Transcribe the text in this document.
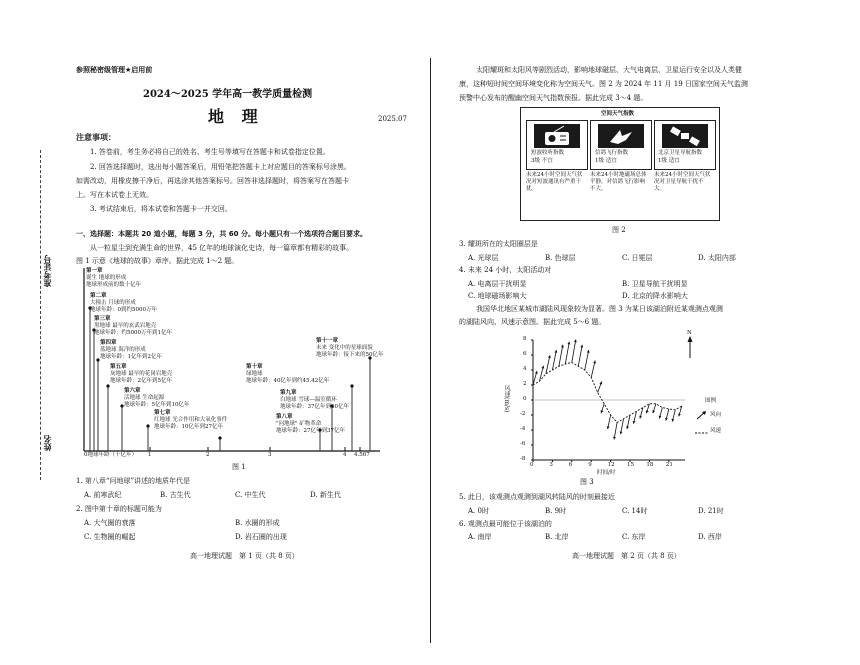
准考证号
姓名
参照秘密级管理★启用前
2024～2025 学年高一教学质量检测
地 理	2025.07
注意事项：
1. 答卷前，考生务必将自己的姓名、考生号等填写在答题卡和试卷指定位置。
2. 回答选择题时，选出每小题答案后，用铅笔把答题卡上对应题目的答案标号涂黑。
如需改动，用橡皮擦干净后，再选涂其他答案标号。回答非选择题时，将答案写在答题卡
上。写在本试卷上无效。
3. 考试结束后，将本试卷和答题卡一并交回。
一、选择题：本题共 20 道小题，每题 3 分，共 60 分。每小题只有一个选项符合题目要求。
从一粒星尘到充满生命的世界，45 亿年的地球演化史诗，每一篇章都有精彩的故事。
图 1 示意《地球的故事》章序。据此完成 1～2 题。
0地球年龄（十亿年） 1	2	3	4 4.567
第一章
诞生 地球的形成
地球形成前的数十亿年
第二章
大撞击 月球的形成
地球年龄：0到约5000万年
第三章
黑地球 最早的玄武岩地壳
地球年龄：约5000万年到1亿年
第四章
蓝地球 海洋的形成
地球年龄：1亿年到2亿年
第五章
灰地球 最早的花岗岩地壳
地球年龄：2亿年到5亿年
第六章
活地球 生命起源
地球年龄：5亿年到10亿年
第七章
红地球 光合作用和大氧化事件
地球年龄：10亿年到27亿年
第八章
"问地球" 矿物革命
地球年龄：27亿年到37亿年
第九章
白地球 雪球—温室循环
地球年龄：37亿年到40亿年
第十章
绿地球
地球年龄：40亿年到约45.42亿年
第十一章
未来 变化中的星球面貌
地球年龄：接下来的50亿年
图 1
1. 第八章“问地球”讲述的地质年代是
A. 前寒武纪	B. 古生代	C. 中生代	D. 新生代
2. 图中第十章的标题可能为
A. 大气圈的衰落	B. 水圈的形成
C. 生物圈的崛起	D. 岩石圈的出现
高一地理试题　第 1 页（共 8 页）
太阳耀斑和太阳风等剧烈活动，影响地球磁层、大气电离层、卫星运行安全以及人类健
康，这种短时间空间环境变化称为空间天气。图 2 为 2024 年 11 月 19 日国家空间天气监测
预警中心发布的醒幽空间天气指数预报。据此完成 3～4 题。
空间天气指数
短波收听指数
3级 不宜
信鸽飞行指数
1级 适宜
北京卫星导航指数
1级 适宜
未来24小时空间天气状况对短波通讯有严重干扰。
未来24小时地磁场总体平静，对信鸽飞行影响不大。
未来24小时空间天气状况对卫星导航干扰不大。
图 2
3. 耀斑所在的太阳圈层是
A. 光球层	B. 色球层	C. 日冕层	D. 太阳内部
4. 未来 24 小时，太阳活动对
A. 电离层干扰明显	B. 卫星导航干扰明显
C. 地球磁场影响大	D. 北京的降水影响大
我国华北地区某城市湖陆风现象较为显著。图 3 为某日该湖泊附近某观测点观测
的湖陆风向、风速示意图。据此完成 5～6 题。
N
风速(m/s)
8
6
4
2
0
-2
-4
-6
-8
0	3	6	9	12 15 18 21
时间/时
图例
风向
风速
图 3
5. 此日，该观测点观测到湖风转陆风的时刻最接近
A. 0时	B. 9时	C. 14时	D. 21时
6. 观测点最可能位于该湖泊的
A. 南岸	B. 北岸	C. 东岸	D. 西岸
高一地理试题　第 2 页（共 8 页）
